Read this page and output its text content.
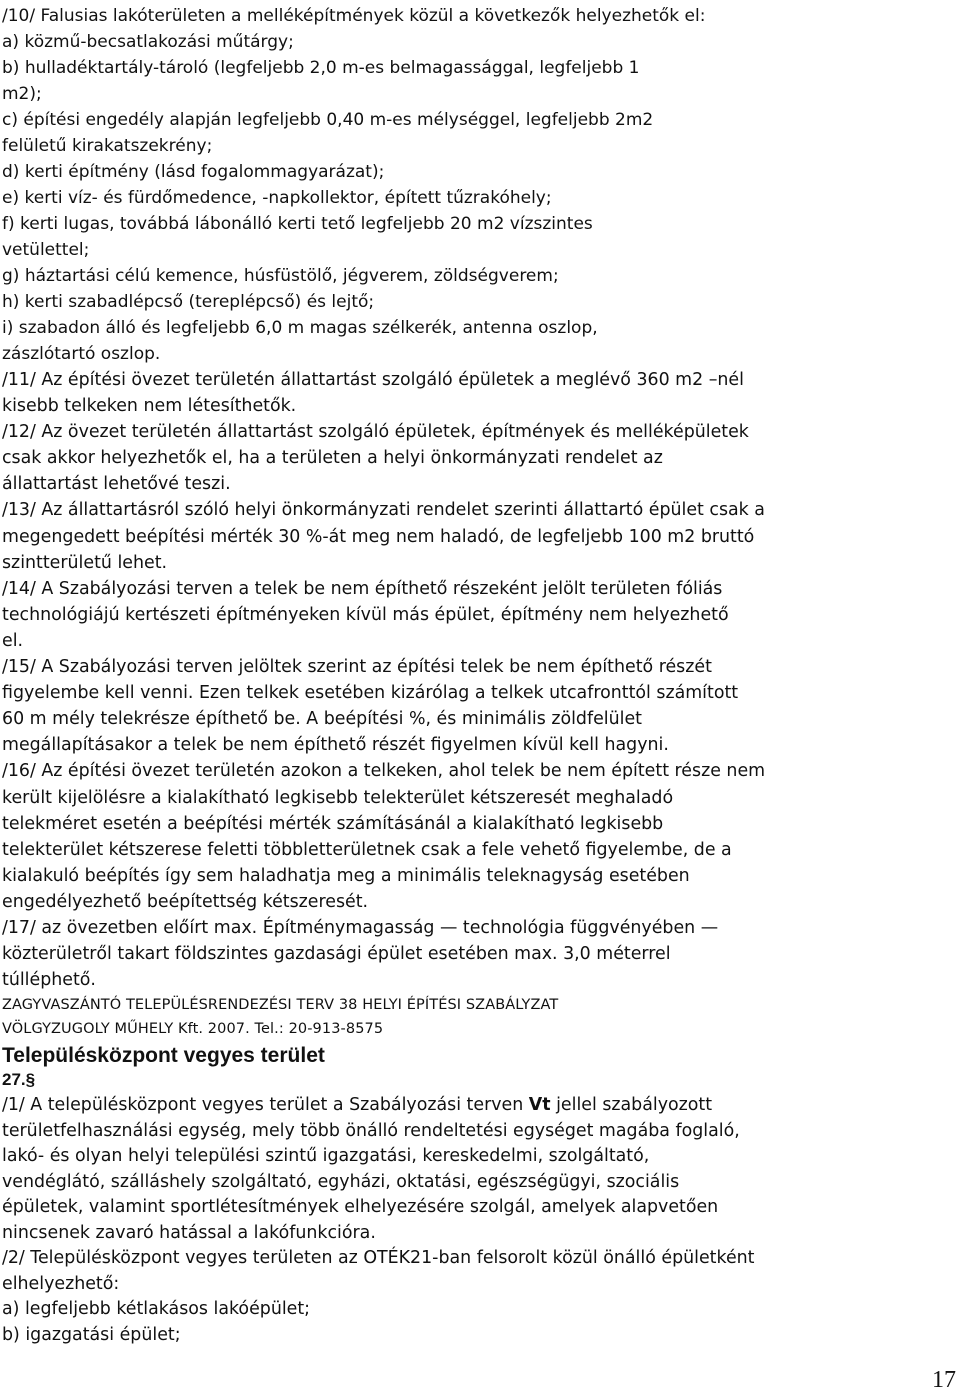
/10/ Falusias lakóterületen a melléképítmények közül a következők helyezhetők el:
a) közmű-becsatlakozási műtárgy;
b) hulladéktartály-tároló (legfeljebb 2,0 m-es belmagassággal, legfeljebb 1
m2);
c) építési engedély alapján legfeljebb 0,40 m-es mélységgel, legfeljebb 2m2
felületű kirakatszekrény;
d) kerti építmény (lásd fogalommagyarázat);
e) kerti víz- és fürdőmedence, -napkollektor, épített tűzrakóhely;
f) kerti lugas, továbbá lábonálló kerti tető legfeljebb 20 m2 vízszintes
vetülettel;
g) háztartási célú kemence, húsfüstölő, jégverem, zöldségverem;
h) kerti szabadlépcső (tereplépcső) és lejtő;
i) szabadon álló és legfeljebb 6,0 m magas szélkerék, antenna oszlop,
zászlótartó oszlop.
/11/ Az építési övezet területén állattartást szolgáló épületek a meglévő 360 m2 –nél
kisebb telkeken nem létesíthetők.
/12/ Az övezet területén állattartást szolgáló épületek, építmények és melléképületek
csak akkor helyezhetők el, ha a területen a helyi önkormányzati rendelet az
állattartást lehetővé teszi.
/13/ Az állattartásról szóló helyi önkormányzati rendelet szerinti állattartó épület csak a
megengedett beépítési mérték 30 %-át meg nem haladó, de legfeljebb 100 m2 bruttó
szintterületű lehet.
/14/ A Szabályozási terven a telek be nem építhető részeként jelölt területen fóliás
technológiájú kertészeti építményeken kívül más épület, építmény nem helyezhető
el.
/15/ A Szabályozási terven jelöltek szerint az építési telek be nem építhető részét
figyelembe kell venni. Ezen telkek esetében kizárólag a telkek utcafronttól számított
60 m mély telekrésze építhető be. A beépítési %, és minimális zöldfelület
megállapításakor a telek be nem építhető részét figyelmen kívül kell hagyni.
/16/ Az építési övezet területén azokon a telkeken, ahol telek be nem épített része nem
került kijelölésre a kialakítható legkisebb telekterület kétszeresét meghaladó
telekméret esetén a beépítési mérték számításánál a kialakítható legkisebb
telekterület kétszerese feletti többletterületnek csak a fele vehető figyelembe, de a
kialakuló beépítés így sem haladhatja meg a minimális teleknagyság esetében
engedélyezhető beépítettség kétszeresét.
/17/ az övezetben előírt max. Építménymagasság — technológia függvényében —
közterületről takart földszintes gazdasági épület esetében max. 3,0 méterrel
túlléphető.
ZAGYVASZÁNTÓ TELEPÜLÉSRENDEZÉSI TERV 38 HELYI ÉPÍTÉSI SZABÁLYZAT
VÖLGYZUGOLY MŰHELY Kft. 2007. Tel.: 20-913-8575
Településközpont vegyes terület
27.§
/1/ A településközpont vegyes terület a Szabályozási terven Vt jellel szabályozott
területfelhasználási egység, mely több önálló rendeltetési egységet magába foglaló,
lakó- és olyan helyi települési szintű igazgatási, kereskedelmi, szolgáltató,
vendéglátó, szálláshely szolgáltató, egyházi, oktatási, egészségügyi, szociális
épületek, valamint sportlétesítmények elhelyezésére szolgál, amelyek alapvetően
nincsenek zavaró hatással a lakófunkcióra.
/2/ Településközpont vegyes területen az OTÉK21-ban felsorolt közül önálló épületként
elhelyezhető:
a) legfeljebb kétlakásos lakóépület;
b) igazgatási épület;
17
